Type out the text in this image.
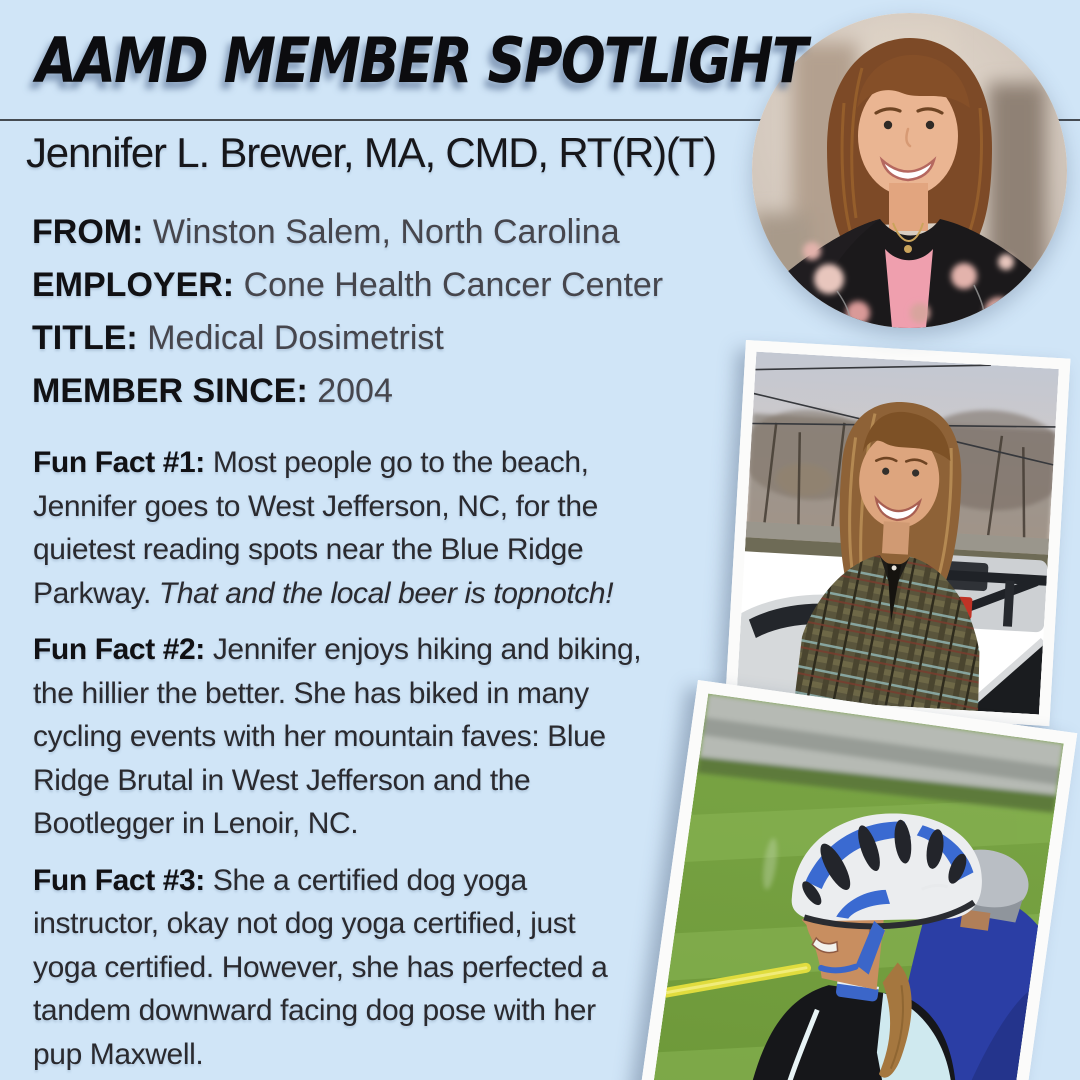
AAMD MEMBER SPOTLIGHT
Jennifer L. Brewer, MA, CMD, RT(R)(T)
FROM: Winston Salem, North Carolina
EMPLOYER: Cone Health Cancer Center
TITLE: Medical Dosimetrist
MEMBER SINCE: 2004
Fun Fact #1: Most people go to the beach,
Jennifer goes to West Jefferson, NC, for the
quietest reading spots near the Blue Ridge
Parkway. That and the local beer is topnotch!
Fun Fact #2: Jennifer enjoys hiking and biking,
the hillier the better. She has biked in many
cycling events with her mountain faves: Blue
Ridge Brutal in West Jefferson and the
Bootlegger in Lenoir, NC.
Fun Fact #3: She a certified dog yoga
instructor, okay not dog yoga certified, just
yoga certified. However, she has perfected a
tandem downward facing dog pose with her
pup Maxwell.
